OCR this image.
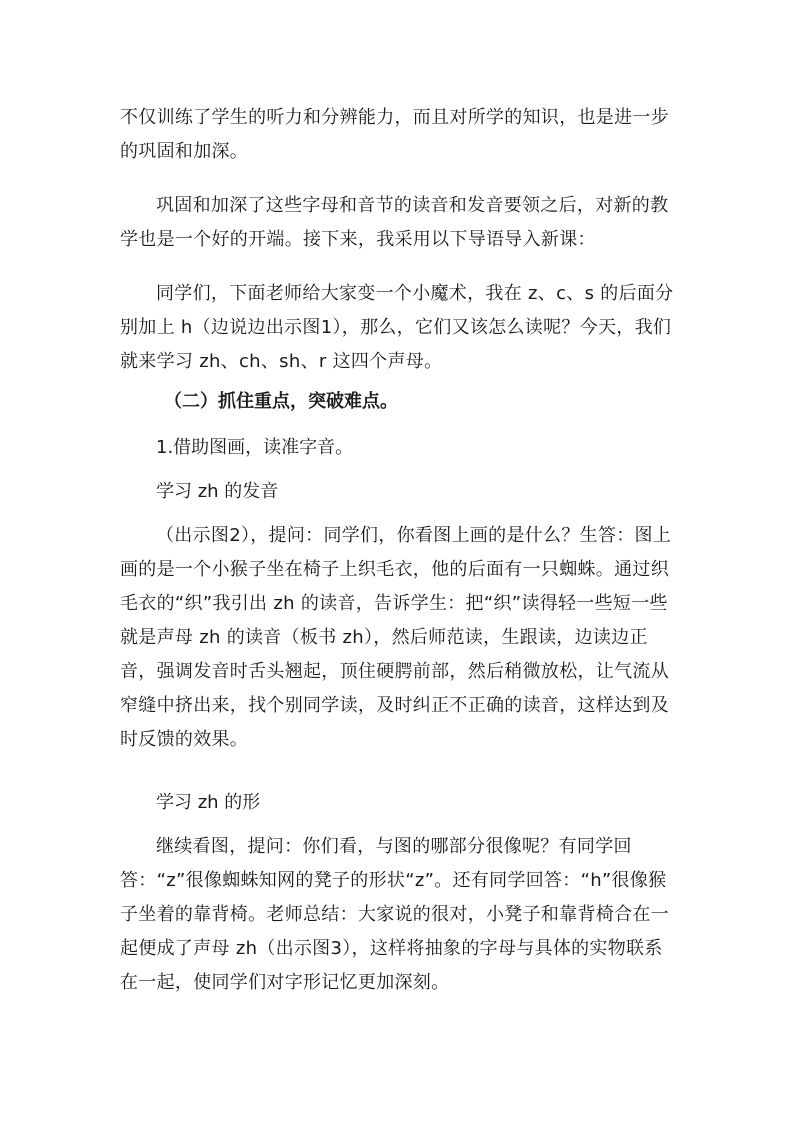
不仅训练了学生的听力和分辨能力，而且对所学的知识，也是进一步的巩固和加深。
巩固和加深了这些字母和音节的读音和发音要领之后，对新的教学也是一个好的开端。接下来，我采用以下导语导入新课：
同学们，下面老师给大家变一个小魔术，我在 z、c、s 的后面分别加上 h（边说边出示图1），那么，它们又该怎么读呢？今天，我们就来学习 zh、ch、sh、r 这四个声母。
（二）抓住重点，突破难点。
1.借助图画，读准字音。
学习 zh 的发音
（出示图2），提问：同学们，你看图上画的是什么？生答：图上画的是一个小猴子坐在椅子上织毛衣，他的后面有一只蜘蛛。通过织毛衣的“织”我引出 zh 的读音，告诉学生：把“织”读得轻一些短一些就是声母 zh 的读音（板书 zh），然后师范读，生跟读，边读边正音，强调发音时舌头翘起，顶住硬腭前部，然后稍微放松，让气流从窄缝中挤出来，找个别同学读，及时纠正不正确的读音，这样达到及时反馈的效果。
学习 zh 的形
继续看图，提问：你们看，与图的哪部分很像呢？有同学回答：“z”很像蜘蛛知网的凳子的形状“z”。还有同学回答：“h”很像猴子坐着的靠背椅。老师总结：大家说的很对，小凳子和靠背椅合在一起便成了声母 zh（出示图3），这样将抽象的字母与具体的实物联系在一起，使同学们对字形记忆更加深刻。
